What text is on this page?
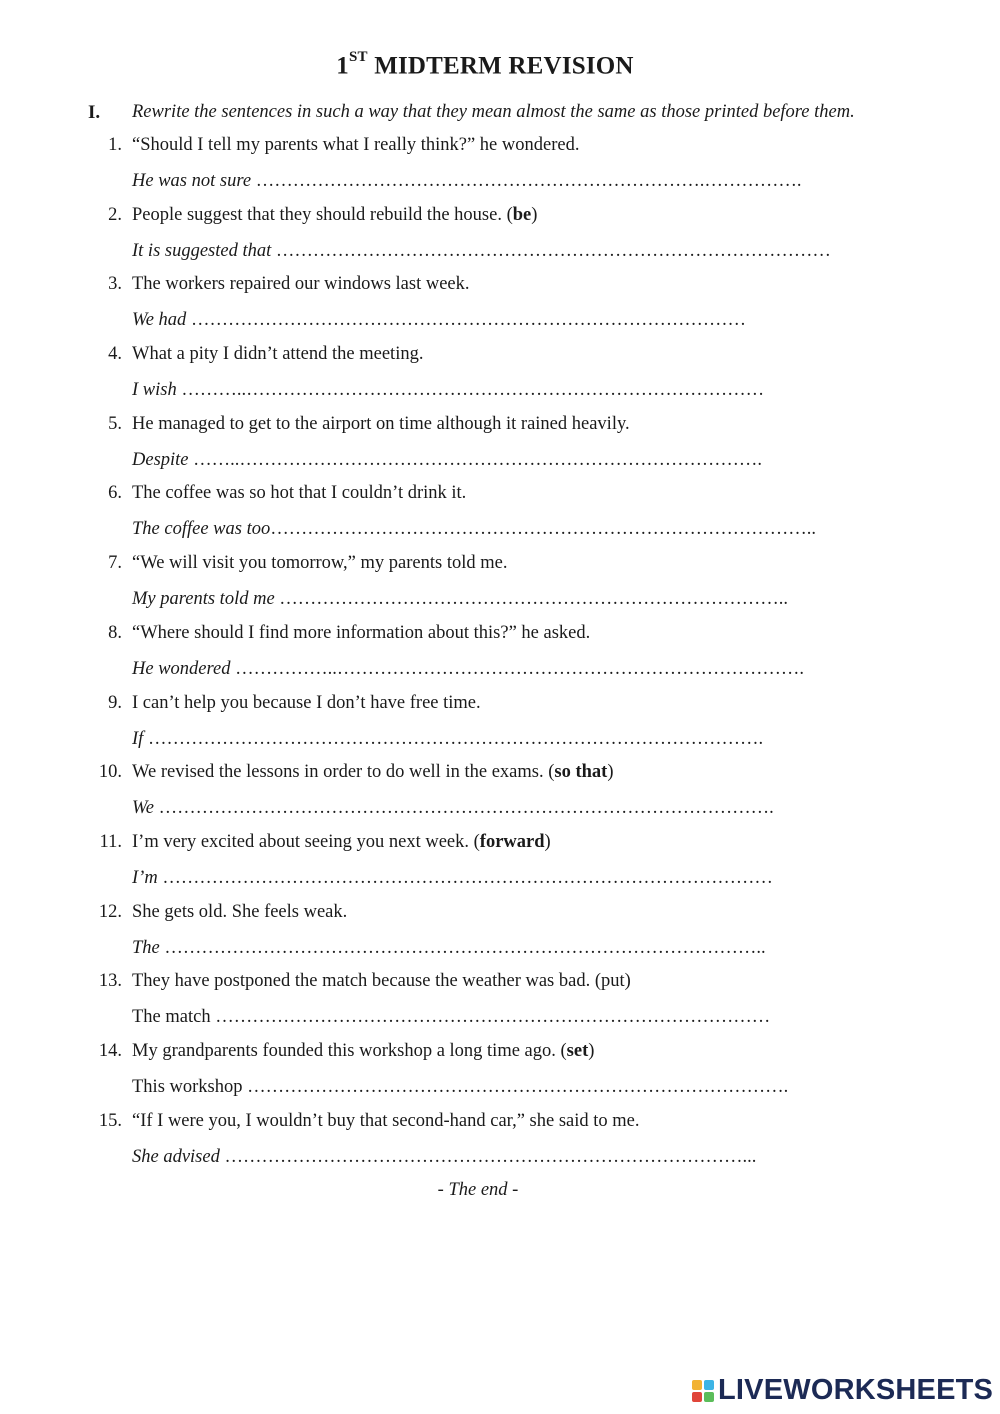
1ST MIDTERM REVISION
I. Rewrite the sentences in such a way that they mean almost the same as those printed before them.
1. “Should I tell my parents what I really think?” he wondered.
He was not sure ……………………………………………………………….…………….
2. People suggest that they should rebuild the house. (be)
It is suggested that ………………………………………………………………………………
3. The workers repaired our windows last week.
We had ………………………………………………………………………………
4. What a pity I didn’t attend the meeting.
I wish ………..…………………………………………………………………………
5. He managed to get to the airport on time although it rained heavily.
Despite ……..………………………………………………………………………….
6. The coffee was so hot that I couldn’t drink it.
The coffee was too……………………………………………………………………………..
7. “We will visit you tomorrow,” my parents told me.
My parents told me ………………………………………………………………………..
8. “Where should I find more information about this?” he asked.
He wondered ……………..………………………………………………………………….
9. I can’t help you because I don’t have free time.
If ……………………………………………………………………………………….
10. We revised the lessons in order to do well in the exams. (so that)
We ……………………………………………………………………………………….
11. I’m very excited about seeing you next week. (forward)
I’m ………………………………………………………………………………………
12. She gets old. She feels weak.
The ……………………………………………………………………………………..
13. They have postponed the match because the weather was bad. (put)
The match ………………………………………………………………………………
14. My grandparents founded this workshop a long time ago. (set)
This workshop …………………………………………………………………………….
15. “If I were you, I wouldn’t buy that second-hand car,” she said to me.
She advised …………………………………………………………………………...
- The end -
LIVEWORKSHEETS
